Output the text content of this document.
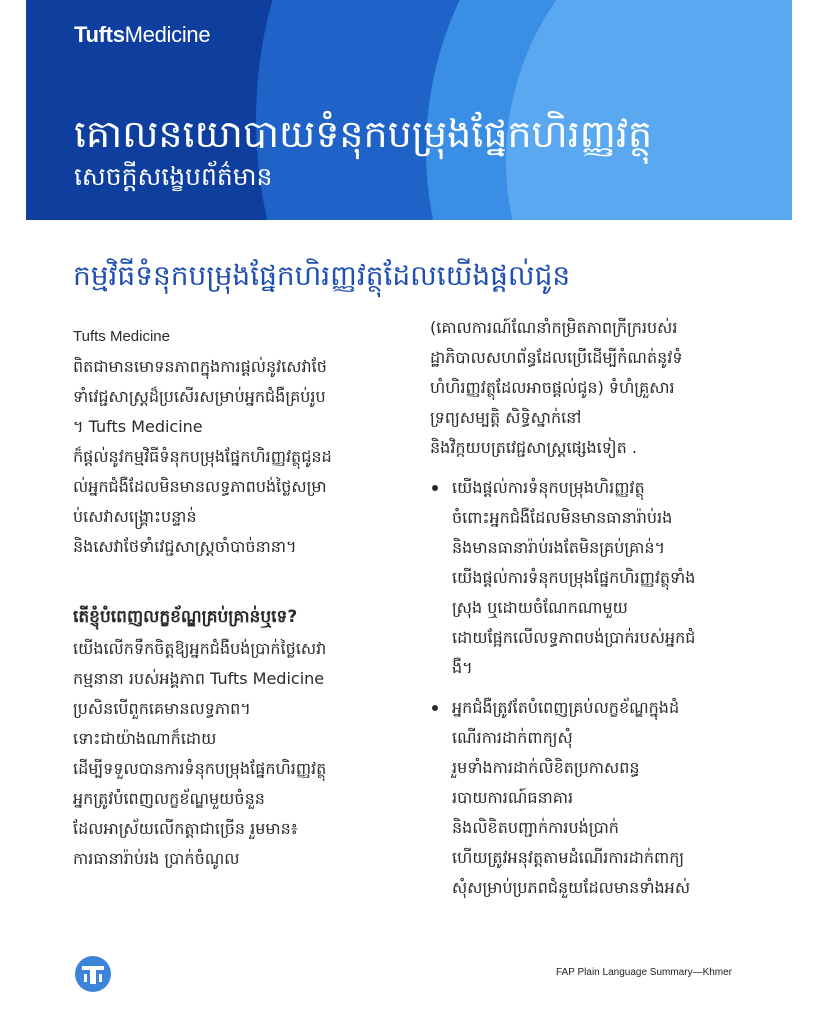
TuftsMedicine
គោលនយោបាយទំនុកបម្រុងផ្នែកហិរញ្ញវត្ថុ
សេចក្តីសង្ខេបព័ត៌មាន
កម្មវិធីទំនុកបម្រុងផ្នែកហិរញ្ញវត្ថុដែលយើងផ្តល់ជូន
Tufts Medicine
ពិតជាមានមោទនភាពក្នុងការផ្តល់នូវសេវាថែ
ទាំវេជ្ជសាស្ត្រដ៏ប្រសើរសម្រាប់អ្នកជំងឺគ្រប់រូប
។ Tufts Medicine
ក៏ផ្តល់នូវកម្មវិធីទំនុកបម្រុងផ្នែកហិរញ្ញវត្ថុជូនដ
ល់អ្នកជំងឺដែលមិនមានលទ្ធភាពបង់ថ្លៃសម្រា
ប់សេវាសង្គ្រោះបន្ទាន់
និងសេវាថែទាំវេជ្ជសាស្ត្រចាំបាច់នានា។
តើខ្ញុំបំពេញលក្ខខ័ណ្ឌគ្រប់គ្រាន់ឬទេ?
យើងលើកទឹកចិត្តឱ្យអ្នកជំងឺបង់ប្រាក់ថ្លៃសេវា
កម្មនានា របស់អង្គភាព Tufts Medicine
ប្រសិនបើពួកគេមានលទ្ធភាព។
ទោះជាយ៉ាងណាក៏ដោយ
ដើម្បីទទួលបានការទំនុកបម្រុងផ្នែកហិរញ្ញវត្ថុ
អ្នកត្រូវបំពេញលក្ខខ័ណ្ឌមួយចំនួន
ដែលអាស្រ័យលើកត្តាជាច្រើន រួមមាន៖
ការធានារ៉ាប់រង ប្រាក់ចំណូល
(គោលការណ៍ណែនាំកម្រិតភាពក្រីក្ររបស់រ
ដ្ឋាភិបាលសហព័ន្ធដែលប្រើដើម្បីកំណត់នូវទំ
ហំហិរញ្ញវត្ថុដែលអាចផ្តល់ជូន) ទំហំគ្រួសារ
ទ្រព្យសម្បត្តិ សិទ្ធិស្នាក់នៅ
និងវិក្កយបត្រវេជ្ជសាស្ត្រផ្សេងទៀត .
យើងផ្តល់ការទំនុកបម្រុងហិរញ្ញវត្ថុ
ចំពោះអ្នកជំងឺដែលមិនមានធានារ៉ាប់រង
និងមានធានារ៉ាប់រងតែមិនគ្រប់គ្រាន់។
យើងផ្តល់ការទំនុកបម្រុងផ្នែកហិរញ្ញវត្ថុទាំង
ស្រុង ឬដោយចំណែកណាមួយ
ដោយផ្អែកលើលទ្ធភាពបង់ប្រាក់របស់អ្នកជំ
ងឺ។
អ្នកជំងឺត្រូវតែបំពេញគ្រប់លក្ខខ័ណ្ឌក្នុងដំ
ណើរការដាក់ពាក្យសុំ
រួមទាំងការដាក់លិខិតប្រកាសពន្ធ
របាយការណ៍ធនាគារ
និងលិខិតបញ្ជាក់ការបង់ប្រាក់
ហើយត្រូវអនុវត្តតាមដំណើរការដាក់ពាក្យ
សុំសម្រាប់ប្រភពជំនួយដែលមានទាំងអស់
FAP Plain Language Summary—Khmer
